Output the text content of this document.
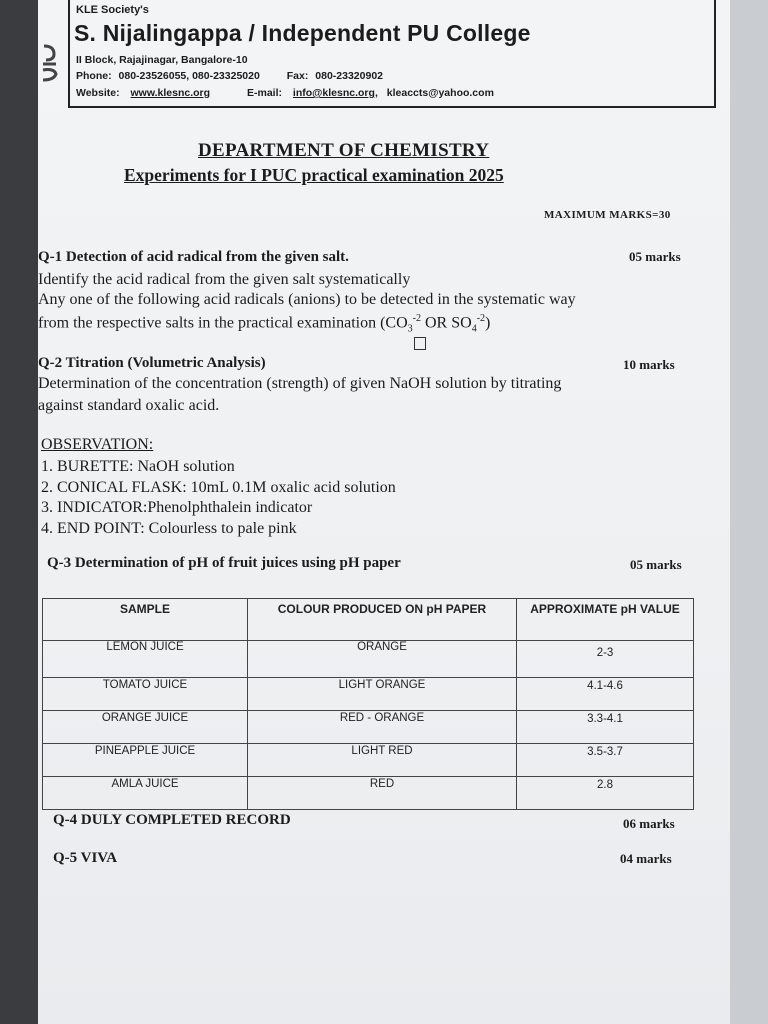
KLE Society's
S. Nijalingappa / Independent PU College
II Block, Rajajinagar, Bangalore-10
Phone: 080-23526055, 080-23325020	Fax: 080-23320902
Website: www.klesnc.org	E-mail: info@klesnc.org, kleaccts@yahoo.com
DEPARTMENT OF CHEMISTRY
Experiments for I PUC practical examination 2025
MAXIMUM MARKS=30
Q-1 Detection of acid radical from the given salt.	05 marks
Identify the acid radical from the given salt systematically
Any one of the following acid radicals (anions) to be detected in the systematic way
from the respective salts in the practical examination ($CO_3^{-2}$ OR $SO_4^{-2}$)
Q-2 Titration (Volumetric Analysis)	10 marks
Determination of the concentration (strength) of given NaOH solution by titrating
against standard oxalic acid.
OBSERVATION:
1. BURETTE: NaOH solution
2. CONICAL FLASK: 10mL 0.1M oxalic acid solution
3. INDICATOR:Phenolphthalein indicator
4. END POINT: Colourless to pale pink
Q-3 Determination of pH of fruit juices using pH paper	05 marks
SAMPLE	COLOUR PRODUCED ON pH PAPER	APPROXIMATE pH VALUE
LEMON JUICE	ORANGE	2-3
TOMATO JUICE	LIGHT ORANGE	4.1-4.6
ORANGE JUICE	RED - ORANGE	3.3-4.1
PINEAPPLE JUICE	LIGHT RED	3.5-3.7
AMLA JUICE	RED	2.8
Q-4 DULY COMPLETED RECORD	06 marks
Q-5 VIVA	04 marks
